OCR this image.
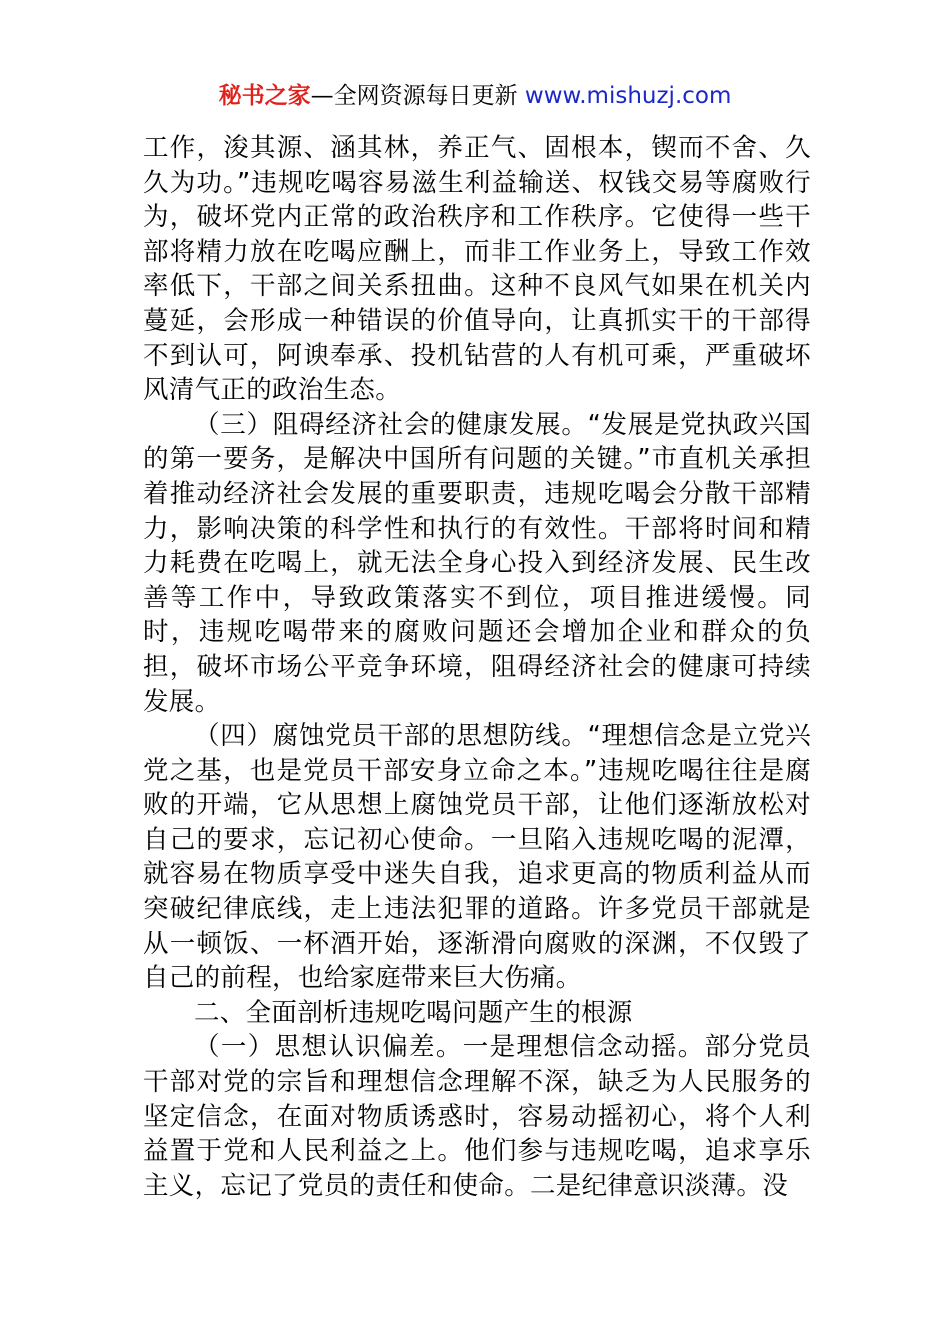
秘书之家—全网资源每日更新 www.mishuzj.com

工作，浚其源、涵其林，养正气、固根本，锲而不舍、久久为功。”违规吃喝容易滋生利益输送、权钱交易等腐败行为，破坏党内正常的政治秩序和工作秩序。它使得一些干部将精力放在吃喝应酬上，而非工作业务上，导致工作效率低下，干部之间关系扭曲。这种不良风气如果在机关内蔓延，会形成一种错误的价值导向，让真抓实干的干部得不到认可，阿谀奉承、投机钻营的人有机可乘，严重破坏风清气正的政治生态。

（三）阻碍经济社会的健康发展。“发展是党执政兴国的第一要务，是解决中国所有问题的关键。”市直机关承担着推动经济社会发展的重要职责，违规吃喝会分散干部精力，影响决策的科学性和执行的有效性。干部将时间和精力耗费在吃喝上，就无法全身心投入到经济发展、民生改善等工作中，导致政策落实不到位，项目推进缓慢。同时，违规吃喝带来的腐败问题还会增加企业和群众的负担，破坏市场公平竞争环境，阻碍经济社会的健康可持续发展。

（四）腐蚀党员干部的思想防线。“理想信念是立党兴党之基，也是党员干部安身立命之本。”违规吃喝往往是腐败的开端，它从思想上腐蚀党员干部，让他们逐渐放松对自己的要求，忘记初心使命。一旦陷入违规吃喝的泥潭，就容易在物质享受中迷失自我，追求更高的物质利益从而突破纪律底线，走上违法犯罪的道路。许多党员干部就是从一顿饭、一杯酒开始，逐渐滑向腐败的深渊，不仅毁了自己的前程，也给家庭带来巨大伤痛。

二、全面剖析违规吃喝问题产生的根源

（一）思想认识偏差。一是理想信念动摇。部分党员干部对党的宗旨和理想信念理解不深，缺乏为人民服务的坚定信念，在面对物质诱惑时，容易动摇初心，将个人利益置于党和人民利益之上。他们参与违规吃喝，追求享乐主义，忘记了党员的责任和使命。二是纪律意识淡薄。没
